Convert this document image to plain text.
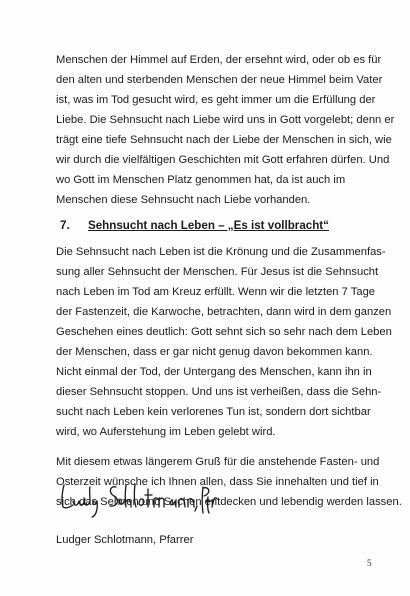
Menschen der Himmel auf Erden, der ersehnt wird, oder ob es für
den alten und sterbenden Menschen der neue Himmel beim Vater
ist, was im Tod gesucht wird, es geht immer um die Erfüllung der
Liebe. Die Sehnsucht nach Liebe wird uns in Gott vorgelebt; denn er
trägt eine tiefe Sehnsucht nach der Liebe der Menschen in sich, wie
wir durch die vielfältigen Geschichten mit Gott erfahren dürfen. Und
wo Gott im Menschen Platz genommen hat, da ist auch im
Menschen diese Sehnsucht nach Liebe vorhanden.
7. Sehnsucht nach Leben – „Es ist vollbracht“
Die Sehnsucht nach Leben ist die Krönung und die Zusammenfas-
sung aller Sehnsucht der Menschen. Für Jesus ist die Sehnsucht
nach Leben im Tod am Kreuz erfüllt. Wenn wir die letzten 7 Tage
der Fastenzeit, die Karwoche, betrachten, dann wird in dem ganzen
Geschehen eines deutlich: Gott sehnt sich so sehr nach dem Leben
der Menschen, dass er gar nicht genug davon bekommen kann.
Nicht einmal der Tod, der Untergang des Menschen, kann ihn in
dieser Sehnsucht stoppen. Und uns ist verheißen, dass die Sehn-
sucht nach Leben kein verlorenes Tun ist, sondern dort sichtbar
wird, wo Auferstehung im Leben gelebt wird.
Mit diesem etwas längerem Gruß für die anstehende Fasten- und
Osterzeit wünsche ich Ihnen allen, dass Sie innehalten und tief in
sich das Sehnen und Suchen entdecken und lebendig werden lassen.
Ludger Schlotmann, Pfarrer
5
